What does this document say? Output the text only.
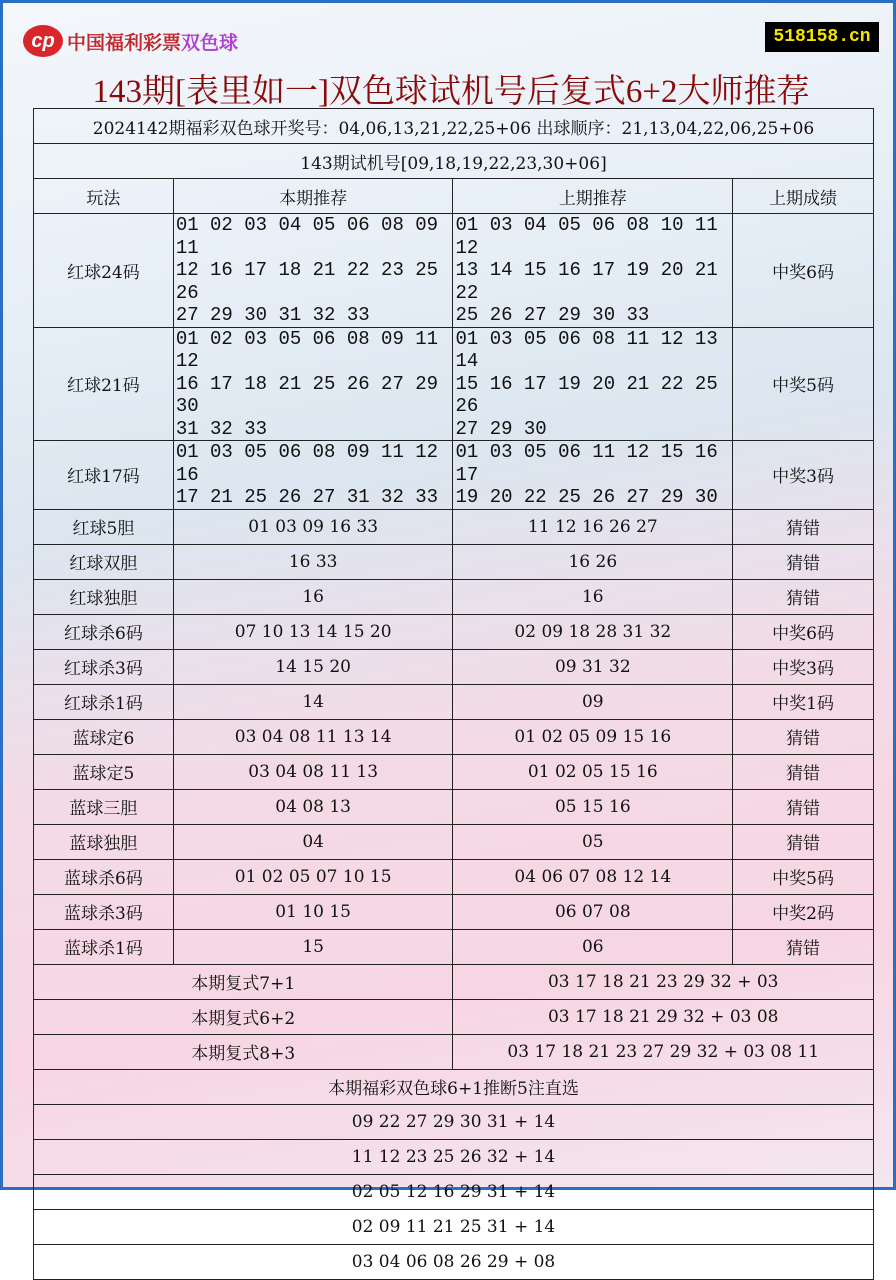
cp 中国福利彩票双色球	518158.cn
143期[表里如一]双色球试机号后复式6+2大师推荐
2024142期福彩双色球开奖号：04,06,13,21,22,25+06 出球顺序：21,13,04,22,06,25+06			
143期试机号[09,18,19,22,23,30+06]			
玩法	本期推荐	上期推荐	上期成绩
红球24码	01 02 03 04 05 06 08 09 11
12 16 17 18 21 22 23 25 26
27 29 30 31 32 33	01 03 04 05 06 08 10 11 12
13 14 15 16 17 19 20 21 22
25 26 27 29 30 33	中奖6码
红球21码	01 02 03 05 06 08 09 11 12
16 17 18 21 25 26 27 29 30
31 32 33	01 03 05 06 08 11 12 13 14
15 16 17 19 20 21 22 25 26
27 29 30	中奖5码
红球17码	01 03 05 06 08 09 11 12 16
17 21 25 26 27 31 32 33	01 03 05 06 11 12 15 16 17
19 20 22 25 26 27 29 30	中奖3码
红球5胆	01 03 09 16 33	11 12 16 26 27	猜错
红球双胆	16 33	16 26	猜错
红球独胆	16	16	猜错
红球杀6码	07 10 13 14 15 20	02 09 18 28 31 32	中奖6码
红球杀3码	14 15 20	09 31 32	中奖3码
红球杀1码	14	09	中奖1码
蓝球定6	03 04 08 11 13 14	01 02 05 09 15 16	猜错
蓝球定5	03 04 08 11 13	01 02 05 15 16	猜错
蓝球三胆	04 08 13	05 15 16	猜错
蓝球独胆	04	05	猜错
蓝球杀6码	01 02 05 07 10 15	04 06 07 08 12 14	中奖5码
蓝球杀3码	01 10 15	06 07 08	中奖2码
蓝球杀1码	15	06	猜错
本期复式7+1		03 17 18 21 23 29 32 + 03	
本期复式6+2		03 17 18 21 29 32 + 03 08	
本期复式8+3		03 17 18 21 23 27 29 32 + 03 08 11	
本期福彩双色球6+1推断5注直选			
09 22 27 29 30 31 + 14			
11 12 23 25 26 32 + 14			
02 05 12 16 29 31 + 14			
02 09 11 21 25 31 + 14			
03 04 06 08 26 29 + 08			
